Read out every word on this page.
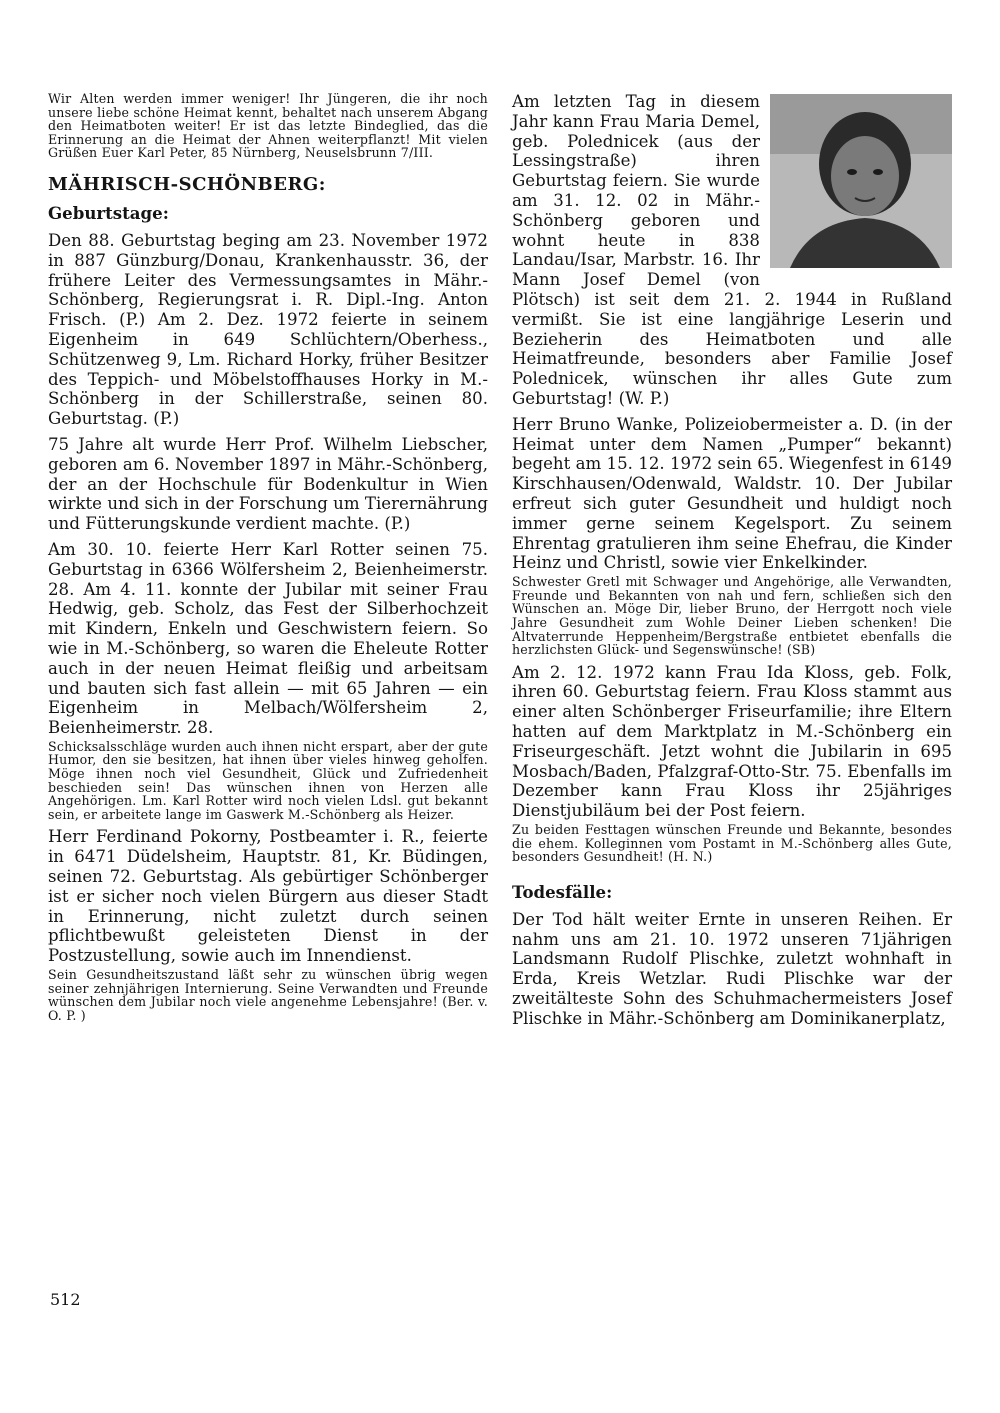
Wir Alten werden immer weniger! Ihr Jüngeren, die ihr noch unsere liebe schöne Heimat kennt, behaltet nach unserem Abgang den Heimatboten weiter! Er ist das letzte Bindeglied, das die Erinnerung an die Heimat der Ahnen weiterpflanzt! Mit vielen Grüßen Euer Karl Peter, 85 Nürnberg, Neuselsbrunn 7/III.

MÄHRISCH-SCHÖNBERG:

Geburtstage:

Den 88. Geburtstag beging am 23. November 1972 in 887 Günzburg/Donau, Krankenhausstr. 36, der frühere Leiter des Vermessungsamtes in Mähr.-Schönberg, Regierungsrat i. R. Dipl.-Ing. Anton Frisch. (P.) Am 2. Dez. 1972 feierte in seinem Eigenheim in 649 Schlüchtern/Oberhess., Schützenweg 9, Lm. Richard Horky, früher Besitzer des Teppich- und Möbelstoffhauses Horky in M.-Schönberg in der Schillerstraße, seinen 80. Geburtstag. (P.)

75 Jahre alt wurde Herr Prof. Wilhelm Liebscher, geboren am 6. November 1897 in Mähr.-Schönberg, der an der Hochschule für Bodenkultur in Wien wirkte und sich in der Forschung um Tierernährung und Fütterungskunde verdient machte. (P.)

Am 30. 10. feierte Herr Karl Rotter seinen 75. Geburtstag in 6366 Wölfersheim 2, Beienheimerstr. 28. Am 4. 11. konnte der Jubilar mit seiner Frau Hedwig, geb. Scholz, das Fest der Silberhochzeit mit Kindern, Enkeln und Geschwistern feiern. So wie in M.-Schönberg, so waren die Eheleute Rotter auch in der neuen Heimat fleißig und arbeitsam und bauten sich fast allein — mit 65 Jahren — ein Eigenheim in Melbach/Wölfersheim 2, Beienheimerstr. 28.

Schicksalsschläge wurden auch ihnen nicht erspart, aber der gute Humor, den sie besitzen, hat ihnen über vieles hinweg geholfen. Möge ihnen noch viel Gesundheit, Glück und Zufriedenheit beschieden sein! Das wünschen ihnen von Herzen alle Angehörigen. Lm. Karl Rotter wird noch vielen Ldsl. gut bekannt sein, er arbeitete lange im Gaswerk M.-Schönberg als Heizer.

Herr Ferdinand Pokorny, Postbeamter i. R., feierte in 6471 Düdelsheim, Hauptstr. 81, Kr. Büdingen, seinen 72. Geburtstag. Als gebürtiger Schönberger ist er sicher noch vielen Bürgern aus dieser Stadt in Erinnerung, nicht zuletzt durch seinen pflichtbewußt geleisteten Dienst in der Postzustellung, sowie auch im Innendienst.

Sein Gesundheitszustand läßt sehr zu wünschen übrig wegen seiner zehnjährigen Internierung. Seine Verwandten und Freunde wünschen dem Jubilar noch viele angenehme Lebensjahre! (Ber. v. O. P. )

Am letzten Tag in diesem Jahr kann Frau Maria Demel, geb. Polednicek (aus der Lessingstraße) ihren Geburtstag feiern. Sie wurde am 31. 12. 02 in Mähr.-Schönberg geboren und wohnt heute in 838 Landau/Isar, Marbstr. 16. Ihr Mann Josef Demel (von Plötsch) ist seit dem 21. 2. 1944 in Rußland vermißt. Sie ist eine langjährige Leserin und Bezieherin des Heimatboten und alle Heimatfreunde, besonders aber Familie Josef Polednicek, wünschen ihr alles Gute zum Geburtstag! (W. P.)

Herr Bruno Wanke, Polizeiobermeister a. D. (in der Heimat unter dem Namen „Pumper“ bekannt) begeht am 15. 12. 1972 sein 65. Wiegenfest in 6149 Kirschhausen/Odenwald, Waldstr. 10. Der Jubilar erfreut sich guter Gesundheit und huldigt noch immer gerne seinem Kegelsport. Zu seinem Ehrentag gratulieren ihm seine Ehefrau, die Kinder Heinz und Christl, sowie vier Enkelkinder.

Schwester Gretl mit Schwager und Angehörige, alle Verwandten, Freunde und Bekannten von nah und fern, schließen sich den Wünschen an. Möge Dir, lieber Bruno, der Herrgott noch viele Jahre Gesundheit zum Wohle Deiner Lieben schenken! Die Altvaterrunde Heppenheim/Bergstraße entbietet ebenfalls die herzlichsten Glück- und Segenswünsche! (SB)

Am 2. 12. 1972 kann Frau Ida Kloss, geb. Folk, ihren 60. Geburtstag feiern. Frau Kloss stammt aus einer alten Schönberger Friseurfamilie; ihre Eltern hatten auf dem Marktplatz in M.-Schönberg ein Friseurgeschäft. Jetzt wohnt die Jubilarin in 695 Mosbach/Baden, Pfalzgraf-Otto-Str. 75. Ebenfalls im Dezember kann Frau Kloss ihr 25jähriges Dienstjubiläum bei der Post feiern.

Zu beiden Festtagen wünschen Freunde und Bekannte, besondes die ehem. Kolleginnen vom Postamt in M.-Schönberg alles Gute, besonders Gesundheit! (H. N.)

Todesfälle:

Der Tod hält weiter Ernte in unseren Reihen. Er nahm uns am 21. 10. 1972 unseren 71jährigen Landsmann Rudolf Plischke, zuletzt wohnhaft in Erda, Kreis Wetzlar. Rudi Plischke war der zweitälteste Sohn des Schuhmachermeisters Josef Plischke in Mähr.-Schönberg am Dominikanerplatz,

512
